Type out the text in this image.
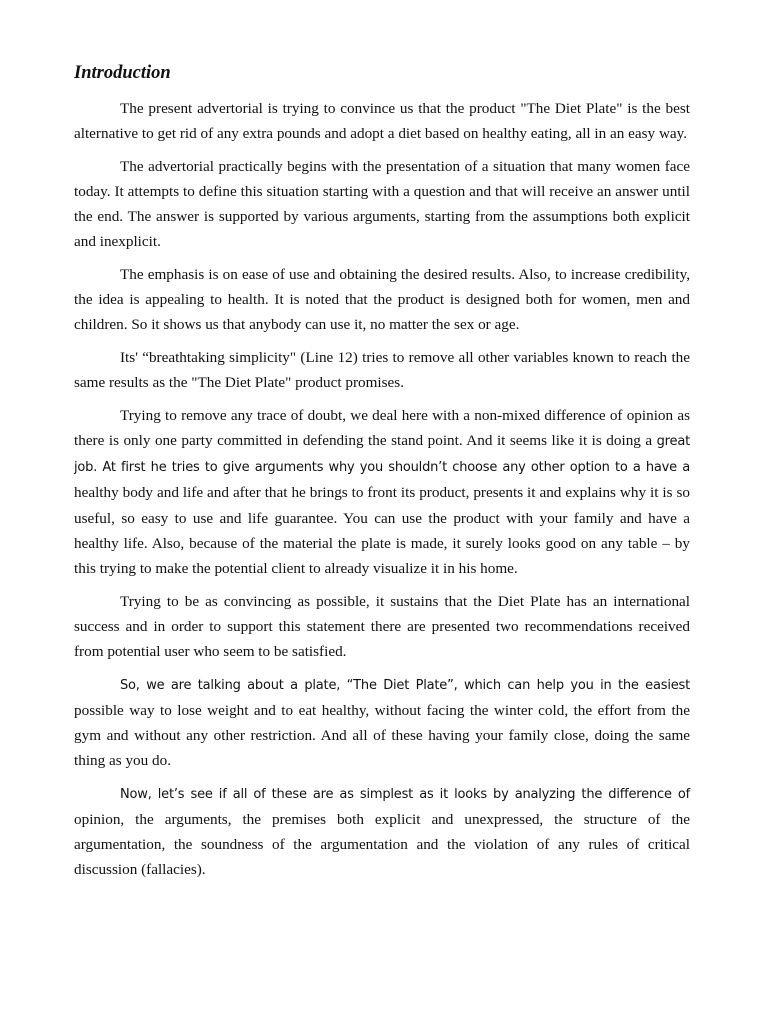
Introduction

The present advertorial is trying to convince us that the product "The Diet Plate" is the best alternative to get rid of any extra pounds and adopt a diet based on healthy eating, all in an easy way.

The advertorial practically begins with the presentation of a situation that many women face today. It attempts to define this situation starting with a question and that will receive an answer until the end. The answer is supported by various arguments, starting from the assumptions both explicit and inexplicit.

The emphasis is on ease of use and obtaining the desired results. Also, to increase credibility, the idea is appealing to health. It is noted that the product is designed both for women, men and children. So it shows us that anybody can use it, no matter the sex or age.

Its' “breathtaking simplicity" (Line 12) tries to remove all other variables known to reach the same results as the "The Diet Plate" product promises.

Trying to remove any trace of doubt, we deal here with a non-mixed difference of opinion as there is only one party committed in defending the stand point. And it seems like it is doing a great job. At first he tries to give arguments why you shouldn’t choose any other option to a have a healthy body and life and after that he brings to front its product, presents it and explains why it is so useful, so easy to use and life guarantee. You can use the product with your family and have a healthy life. Also, because of the material the plate is made, it surely looks good on any table – by this trying to make the potential client to already visualize it in his home.

Trying to be as convincing as possible, it sustains that the Diet Plate has an international success and in order to support this statement there are presented two recommendations received from potential user who seem to be satisfied.

So, we are talking about a plate, “The Diet Plate”, which can help you in the easiest possible way to lose weight and to eat healthy, without facing the winter cold, the effort from the gym and without any other restriction. And all of these having your family close, doing the same thing as you do.

Now, let’s see if all of these are as simplest as it looks by analyzing the difference of opinion, the arguments, the premises both explicit and unexpressed, the structure of the argumentation, the soundness of the argumentation and the violation of any rules of critical discussion (fallacies).
